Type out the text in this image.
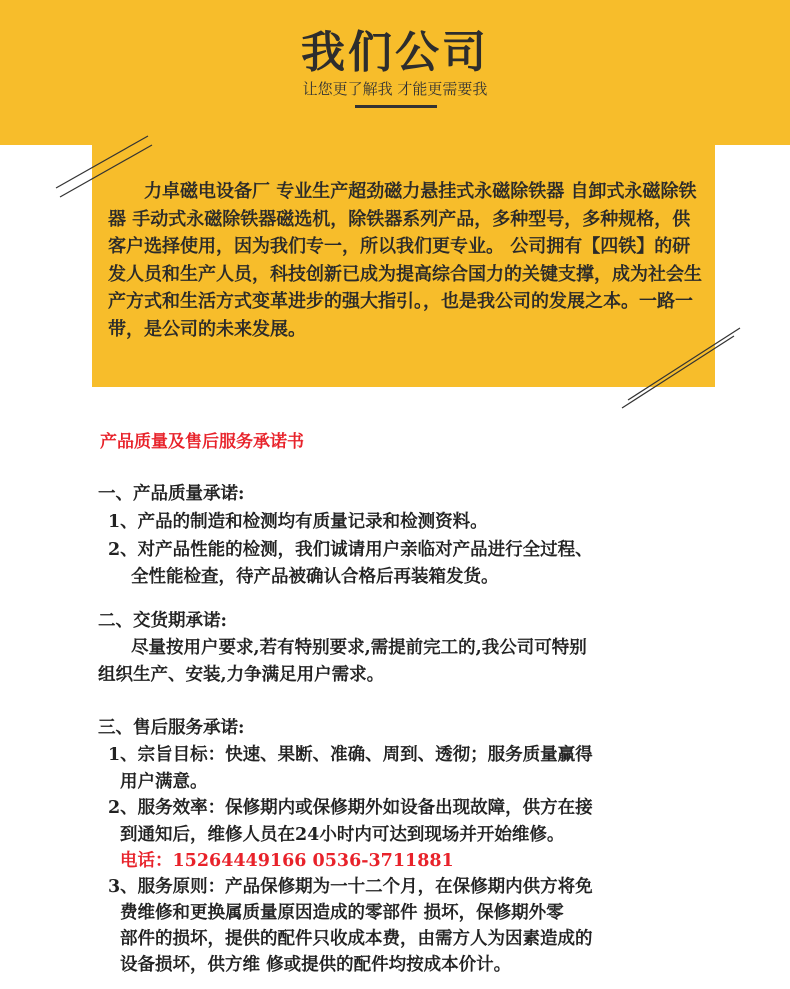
我们公司
让您更了解我 才能更需要我

力卓磁电设备厂 专业生产超劲磁力悬挂式永磁除铁器 自卸式永磁除铁器 手动式永磁除铁器磁选机，除铁器系列产品，多种型号，多种规格，供客户选择使用，因为我们专一，所以我们更专业。 公司拥有【四铁】的研发人员和生产人员，科技创新已成为提高综合国力的关键支撑，成为社会生产方式和生活方式变革进步的强大指引。，也是我公司的发展之本。一路一带，是公司的未来发展。

产品质量及售后服务承诺书
一、产品质量承诺:
1、产品的制造和检测均有质量记录和检测资料。
2、对产品性能的检测，我们诚请用户亲临对产品进行全过程、
全性能检查，待产品被确认合格后再装箱发货。
二、交货期承诺:
尽量按用户要求,若有特别要求,需提前完工的,我公司可特别
组织生产、安装,力争满足用户需求。
三、售后服务承诺:
1、宗旨目标：快速、果断、准确、周到、透彻；服务质量赢得
用户满意。
2、服务效率：保修期内或保修期外如设备出现故障，供方在接
到通知后，维修人员在24小时内可达到现场并开始维修。
电话：15264449166 0536-3711881
3、服务原则：产品保修期为一十二个月，在保修期内供方将免
费维修和更换属质量原因造成的零部件 损坏，保修期外零
部件的损坏，提供的配件只收成本费，由需方人为因素造成的
设备损坏，供方维 修或提供的配件均按成本价计。
